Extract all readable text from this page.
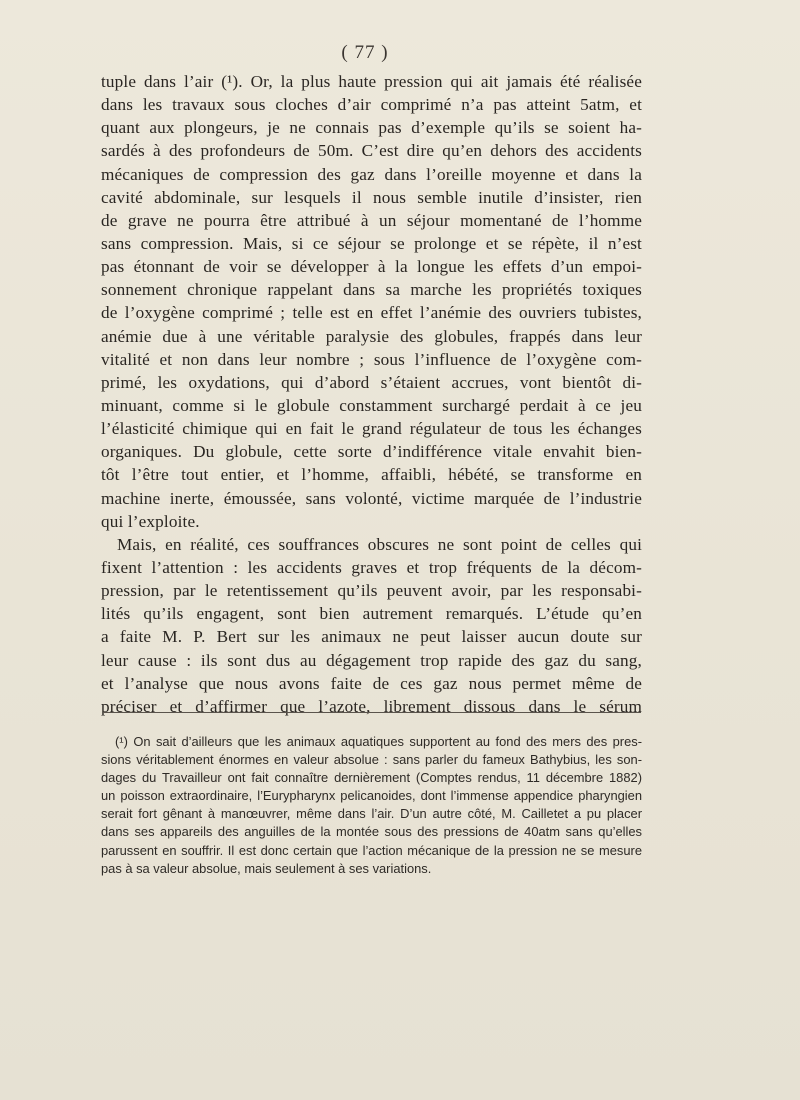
( 77 )
tuple dans l’air (¹). Or, la plus haute pression qui ait jamais été réalisée
dans les travaux sous cloches d’air comprimé n’a pas atteint 5atm, et
quant aux plongeurs, je ne connais pas d’exemple qu’ils se soient ha-
sardés à des profondeurs de 50m. C’est dire qu’en dehors des accidents
mécaniques de compression des gaz dans l’oreille moyenne et dans la
cavité abdominale, sur lesquels il nous semble inutile d’insister, rien
de grave ne pourra être attribué à un séjour momentané de l’homme
sans compression. Mais, si ce séjour se prolonge et se répète, il n’est
pas étonnant de voir se développer à la longue les effets d’un empoi-
sonnement chronique rappelant dans sa marche les propriétés toxiques
de l’oxygène comprimé ; telle est en effet l’anémie des ouvriers tubistes,
anémie due à une véritable paralysie des globules, frappés dans leur
vitalité et non dans leur nombre ; sous l’influence de l’oxygène com-
primé, les oxydations, qui d’abord s’étaient accrues, vont bientôt di-
minuant, comme si le globule constamment surchargé perdait à ce jeu
l’élasticité chimique qui en fait le grand régulateur de tous les échanges
organiques. Du globule, cette sorte d’indifférence vitale envahit bien-
tôt l’être tout entier, et l’homme, affaibli, hébété, se transforme en
machine inerte, émoussée, sans volonté, victime marquée de l’industrie
qui l’exploite.
Mais, en réalité, ces souffrances obscures ne sont point de celles qui
fixent l’attention : les accidents graves et trop fréquents de la décom-
pression, par le retentissement qu’ils peuvent avoir, par les responsabi-
lités qu’ils engagent, sont bien autrement remarqués. L’étude qu’en
a faite M. P. Bert sur les animaux ne peut laisser aucun doute sur
leur cause : ils sont dus au dégagement trop rapide des gaz du sang,
et l’analyse que nous avons faite de ces gaz nous permet même de
préciser et d’affirmer que l’azote, librement dissous dans le sérum
(¹) On sait d’ailleurs que les animaux aquatiques supportent au fond des mers des pres-
sions véritablement énormes en valeur absolue : sans parler du fameux Bathybius, les son-
dages du Travailleur ont fait connaître dernièrement (Comptes rendus, 11 décembre 1882)
un poisson extraordinaire, l’Eurypharynx pelicanoides, dont l’immense appendice pharyngien
serait fort gênant à manœuvrer, même dans l’air. D’un autre côté, M. Cailletet a pu placer
dans ses appareils des anguilles de la montée sous des pressions de 40atm sans qu’elles
parussent en souffrir. Il est donc certain que l’action mécanique de la pression ne se mesure
pas à sa valeur absolue, mais seulement à ses variations.
